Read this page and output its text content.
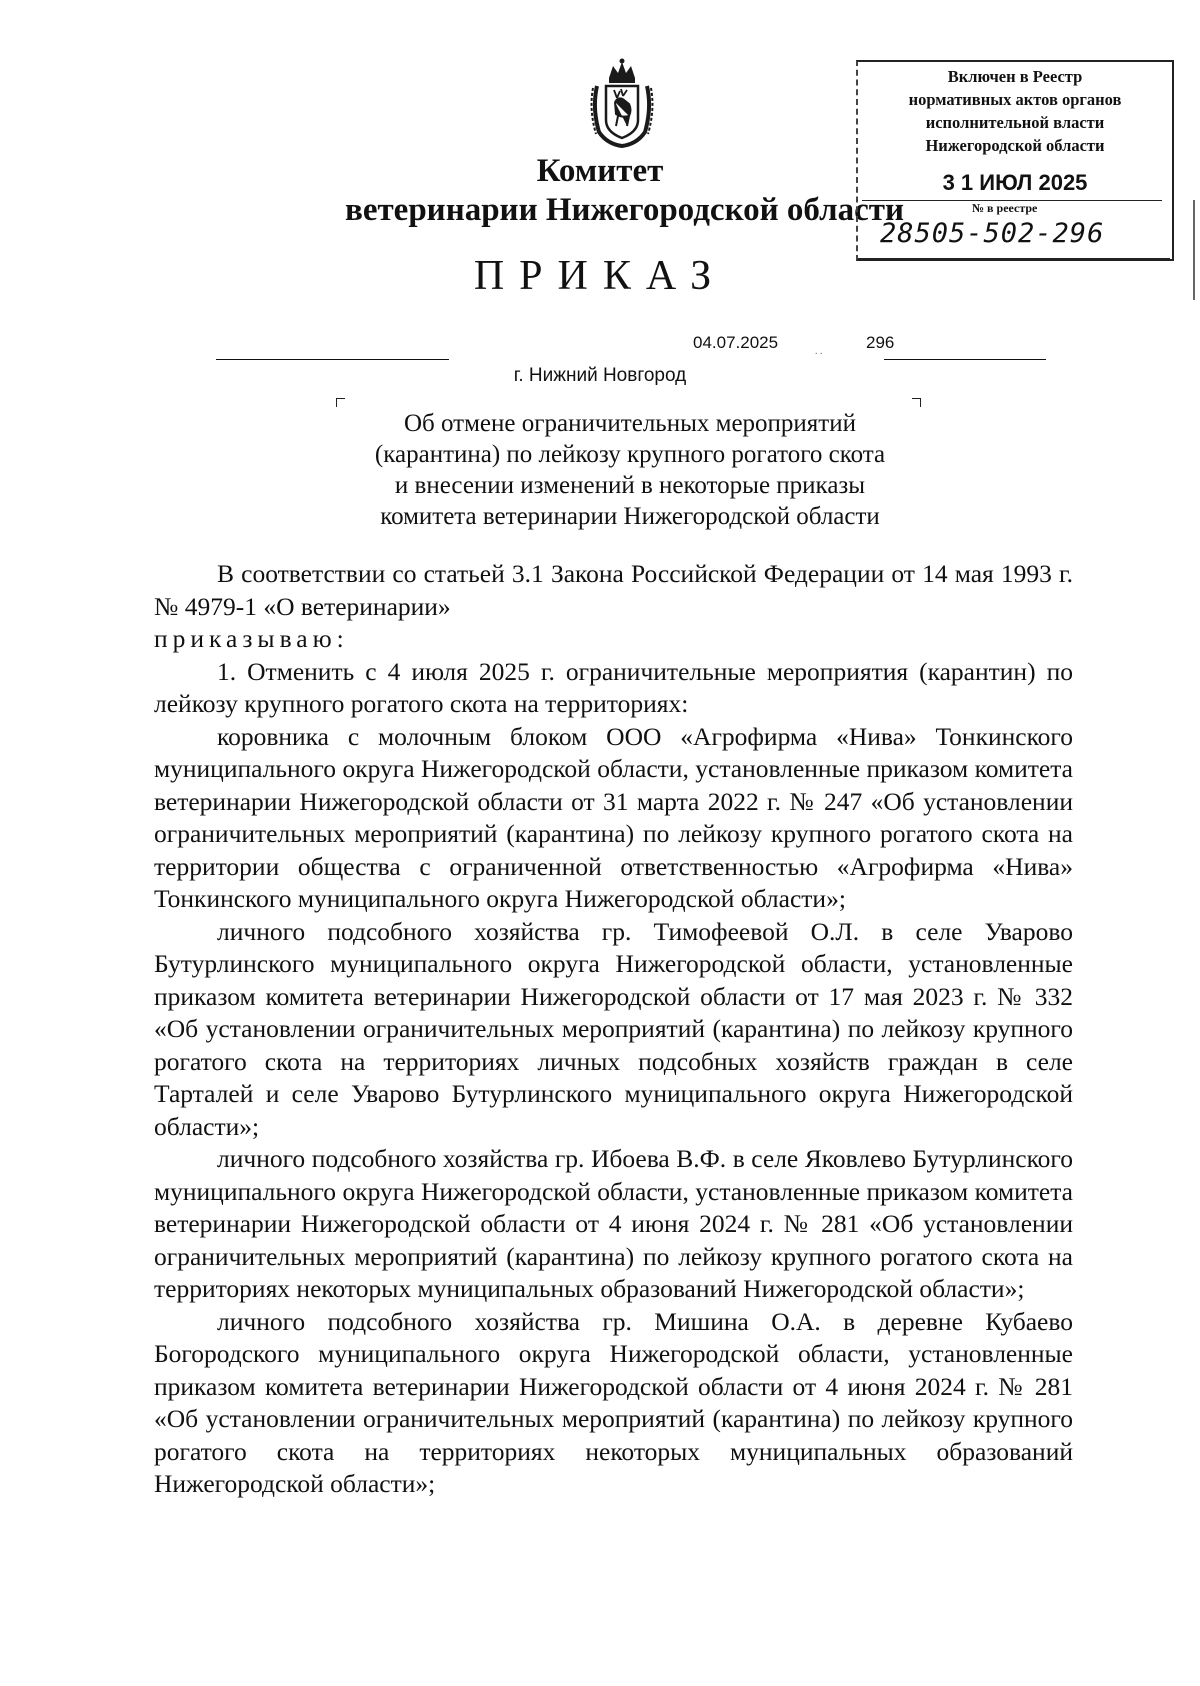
Комитет
ветеринарии Нижегородской области
ПРИКАЗ
Включен в Реестр
нормативных актов органов
исполнительной власти
Нижегородской области
3 1 ИЮЛ 2025
№ в реестре
28505-502-296
04.07.2025	. .	296
г. Нижний Новгород
Об отмене ограничительных мероприятий
(карантина) по лейкозу крупного рогатого скота
и внесении изменений в некоторые приказы
комитета ветеринарии Нижегородской области
В соответствии со статьей 3.1 Закона Российской Федерации от 14 мая 1993 г. № 4979-1 «О ветеринарии»
приказываю:
1. Отменить с 4 июля 2025 г. ограничительные мероприятия (карантин) по лейкозу крупного рогатого скота на территориях:
коровника с молочным блоком ООО «Агрофирма «Нива» Тонкинского муниципального округа Нижегородской области, установленные приказом комитета ветеринарии Нижегородской области от 31 марта 2022 г. № 247 «Об установлении ограничительных мероприятий (карантина) по лейкозу крупного рогатого скота на территории общества с ограниченной ответственностью «Агрофирма «Нива» Тонкинского муниципального округа Нижегородской области»;
личного подсобного хозяйства гр. Тимофеевой О.Л. в селе Уварово Бутурлинского муниципального округа Нижегородской области, установленные приказом комитета ветеринарии Нижегородской области от 17 мая 2023 г. № 332 «Об установлении ограничительных мероприятий (карантина) по лейкозу крупного рогатого скота на территориях личных подсобных хозяйств граждан в селе Тарталей и селе Уварово Бутурлинского муниципального округа Нижегородской области»;
личного подсобного хозяйства гр. Ибоева В.Ф. в селе Яковлево Бутурлинского муниципального округа Нижегородской области, установленные приказом комитета ветеринарии Нижегородской области от 4 июня 2024 г. № 281 «Об установлении ограничительных мероприятий (карантина) по лейкозу крупного рогатого скота на территориях некоторых муниципальных образований Нижегородской области»;
личного подсобного хозяйства гр. Мишина О.А. в деревне Кубаево Богородского муниципального округа Нижегородской области, установленные приказом комитета ветеринарии Нижегородской области от 4 июня 2024 г. № 281 «Об установлении ограничительных мероприятий (карантина) по лейкозу крупного рогатого скота на территориях некоторых муниципальных образований Нижегородской области»;
